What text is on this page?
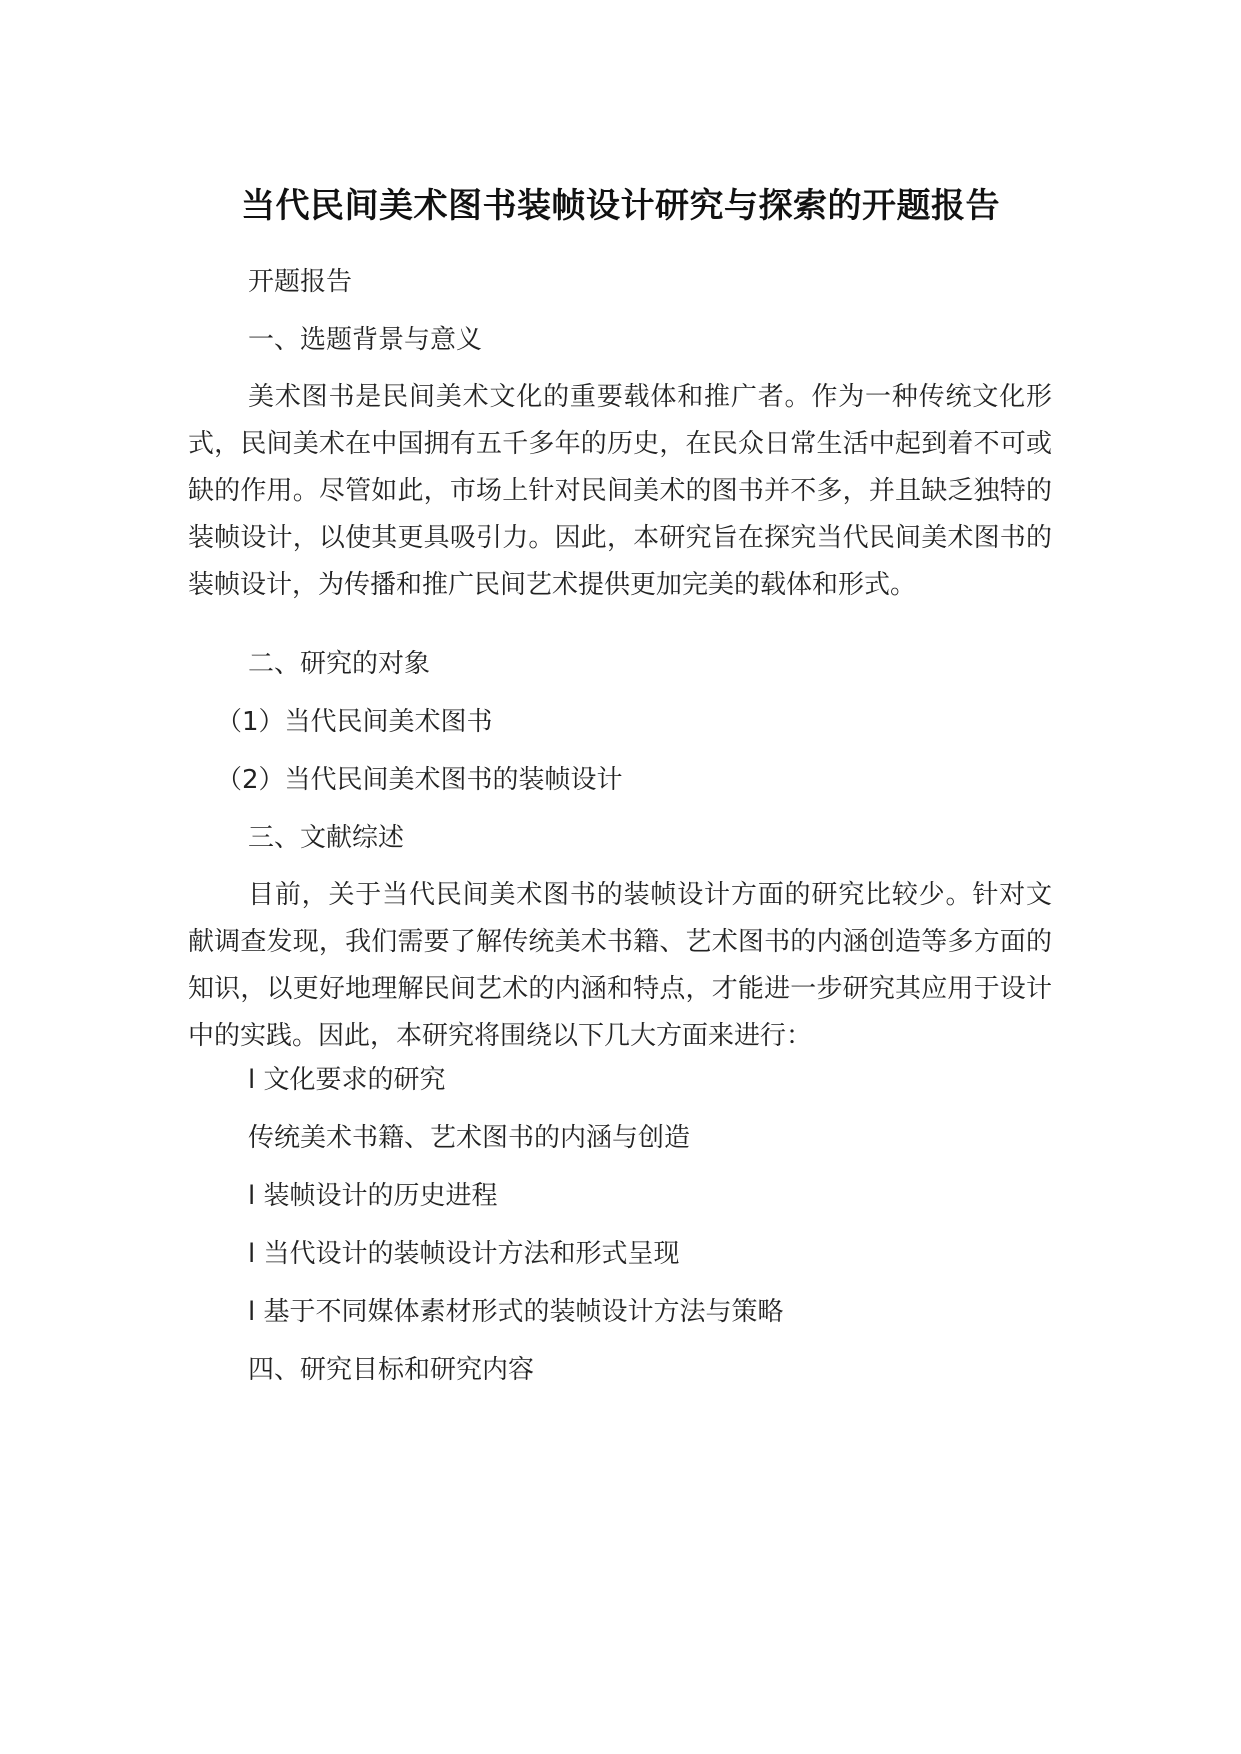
当代民间美术图书装帧设计研究与探索的开题报告
开题报告
一、选题背景与意义
美术图书是民间美术文化的重要载体和推广者。作为一种传统文化形式，民间美术在中国拥有五千多年的历史，在民众日常生活中起到着不可或缺的作用。尽管如此，市场上针对民间美术的图书并不多，并且缺乏独特的装帧设计，以使其更具吸引力。因此，本研究旨在探究当代民间美术图书的装帧设计，为传播和推广民间艺术提供更加完美的载体和形式。
二、研究的对象
（1）当代民间美术图书
（2）当代民间美术图书的装帧设计
三、文献综述
目前，关于当代民间美术图书的装帧设计方面的研究比较少。针对文献调查发现，我们需要了解传统美术书籍、艺术图书的内涵创造等多方面的知识，以更好地理解民间艺术的内涵和特点，才能进一步研究其应用于设计中的实践。因此，本研究将围绕以下几大方面来进行：
l 文化要求的研究
传统美术书籍、艺术图书的内涵与创造
l 装帧设计的历史进程
l 当代设计的装帧设计方法和形式呈现
l 基于不同媒体素材形式的装帧设计方法与策略
四、研究目标和研究内容
